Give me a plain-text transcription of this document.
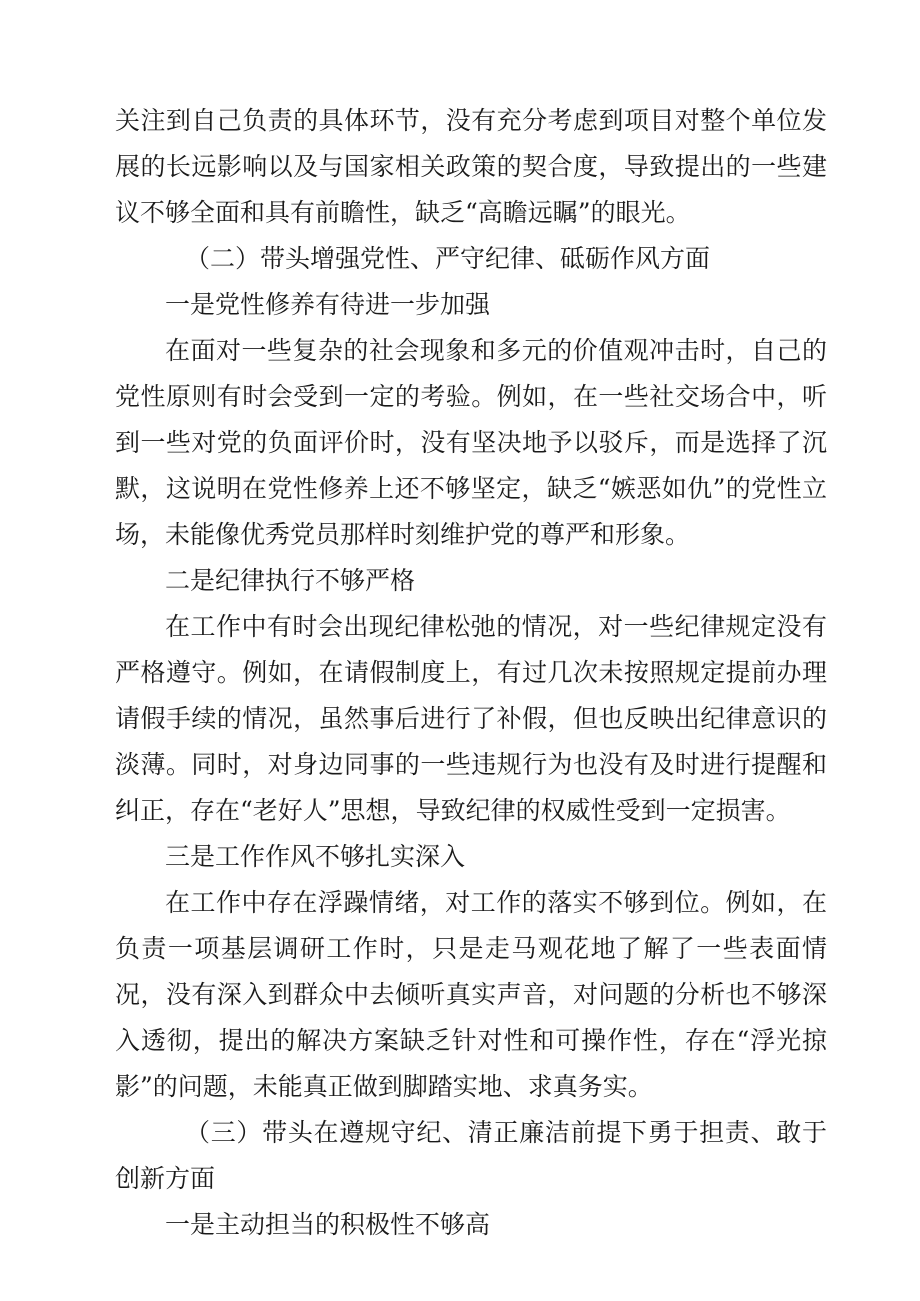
关注到自己负责的具体环节，没有充分考虑到项目对整个单位发展的长远影响以及与国家相关政策的契合度，导致提出的一些建议不够全面和具有前瞻性，缺乏“高瞻远瞩”的眼光。

（二）带头增强党性、严守纪律、砥砺作风方面

一是党性修养有待进一步加强

在面对一些复杂的社会现象和多元的价值观冲击时，自己的党性原则有时会受到一定的考验。例如，在一些社交场合中，听到一些对党的负面评价时，没有坚决地予以驳斥，而是选择了沉默，这说明在党性修养上还不够坚定，缺乏“嫉恶如仇”的党性立场，未能像优秀党员那样时刻维护党的尊严和形象。

二是纪律执行不够严格

在工作中有时会出现纪律松弛的情况，对一些纪律规定没有严格遵守。例如，在请假制度上，有过几次未按照规定提前办理请假手续的情况，虽然事后进行了补假，但也反映出纪律意识的淡薄。同时，对身边同事的一些违规行为也没有及时进行提醒和纠正，存在“老好人”思想，导致纪律的权威性受到一定损害。

三是工作作风不够扎实深入

在工作中存在浮躁情绪，对工作的落实不够到位。例如，在负责一项基层调研工作时，只是走马观花地了解了一些表面情况，没有深入到群众中去倾听真实声音，对问题的分析也不够深入透彻，提出的解决方案缺乏针对性和可操作性，存在“浮光掠影”的问题，未能真正做到脚踏实地、求真务实。

（三）带头在遵规守纪、清正廉洁前提下勇于担责、敢于创新方面

一是主动担当的积极性不够高
